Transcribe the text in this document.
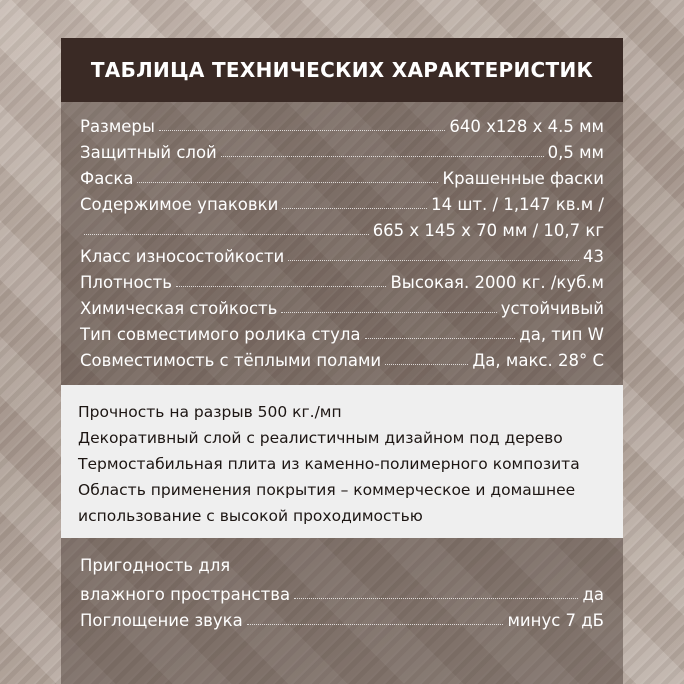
ТАБЛИЦА ТЕХНИЧЕСКИХ ХАРАКТЕРИСТИК
Размеры	640 х128 х 4.5 мм
Защитный слой	0,5 мм
Фаска	Крашенные фаски
Содержимое упаковки	14 шт. / 1,147 кв.м /
665 х 145 х 70 мм / 10,7 кг
Класс износостойкости	43
Плотность	Высокая. 2000 кг. /куб.м
Химическая стойкость	устойчивый
Тип совместимого ролика стула	да, тип W
Совместимость с тёплыми полами	Да, макс. 28° С
Прочность на разрыв 500 кг./мп
Декоративный слой с реалистичным дизайном под дерево
Термостабильная плита из каменно-полимерного композита
Область применения покрытия – коммерческое и домашнее
использование с высокой проходимостью
Пригодность для
влажного пространства	да
Поглощение звука	минус 7 дБ
